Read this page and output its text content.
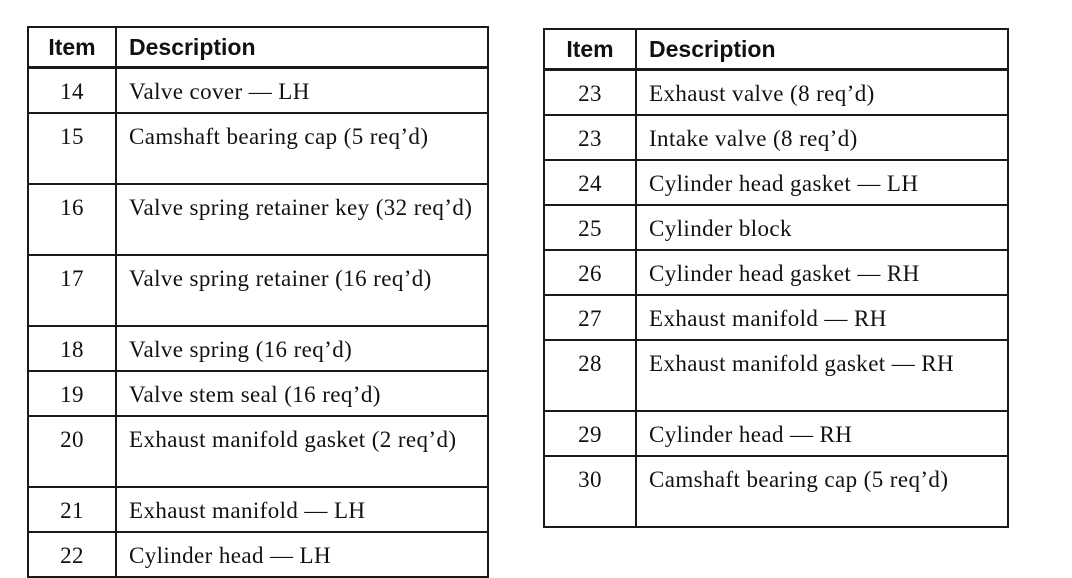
Item	Description
14	Valve cover — LH
15	Camshaft bearing cap (5 req’d)
16	Valve spring retainer key (32 req’d)
17	Valve spring retainer (16 req’d)
18	Valve spring (16 req’d)
19	Valve stem seal (16 req’d)
20	Exhaust manifold gasket (2 req’d)
21	Exhaust manifold — LH
22	Cylinder head — LH
Item	Description
23	Exhaust valve (8 req’d)
23	Intake valve (8 req’d)
24	Cylinder head gasket — LH
25	Cylinder block
26	Cylinder head gasket — RH
27	Exhaust manifold — RH
28	Exhaust manifold gasket — RH
29	Cylinder head — RH
30	Camshaft bearing cap (5 req’d)
